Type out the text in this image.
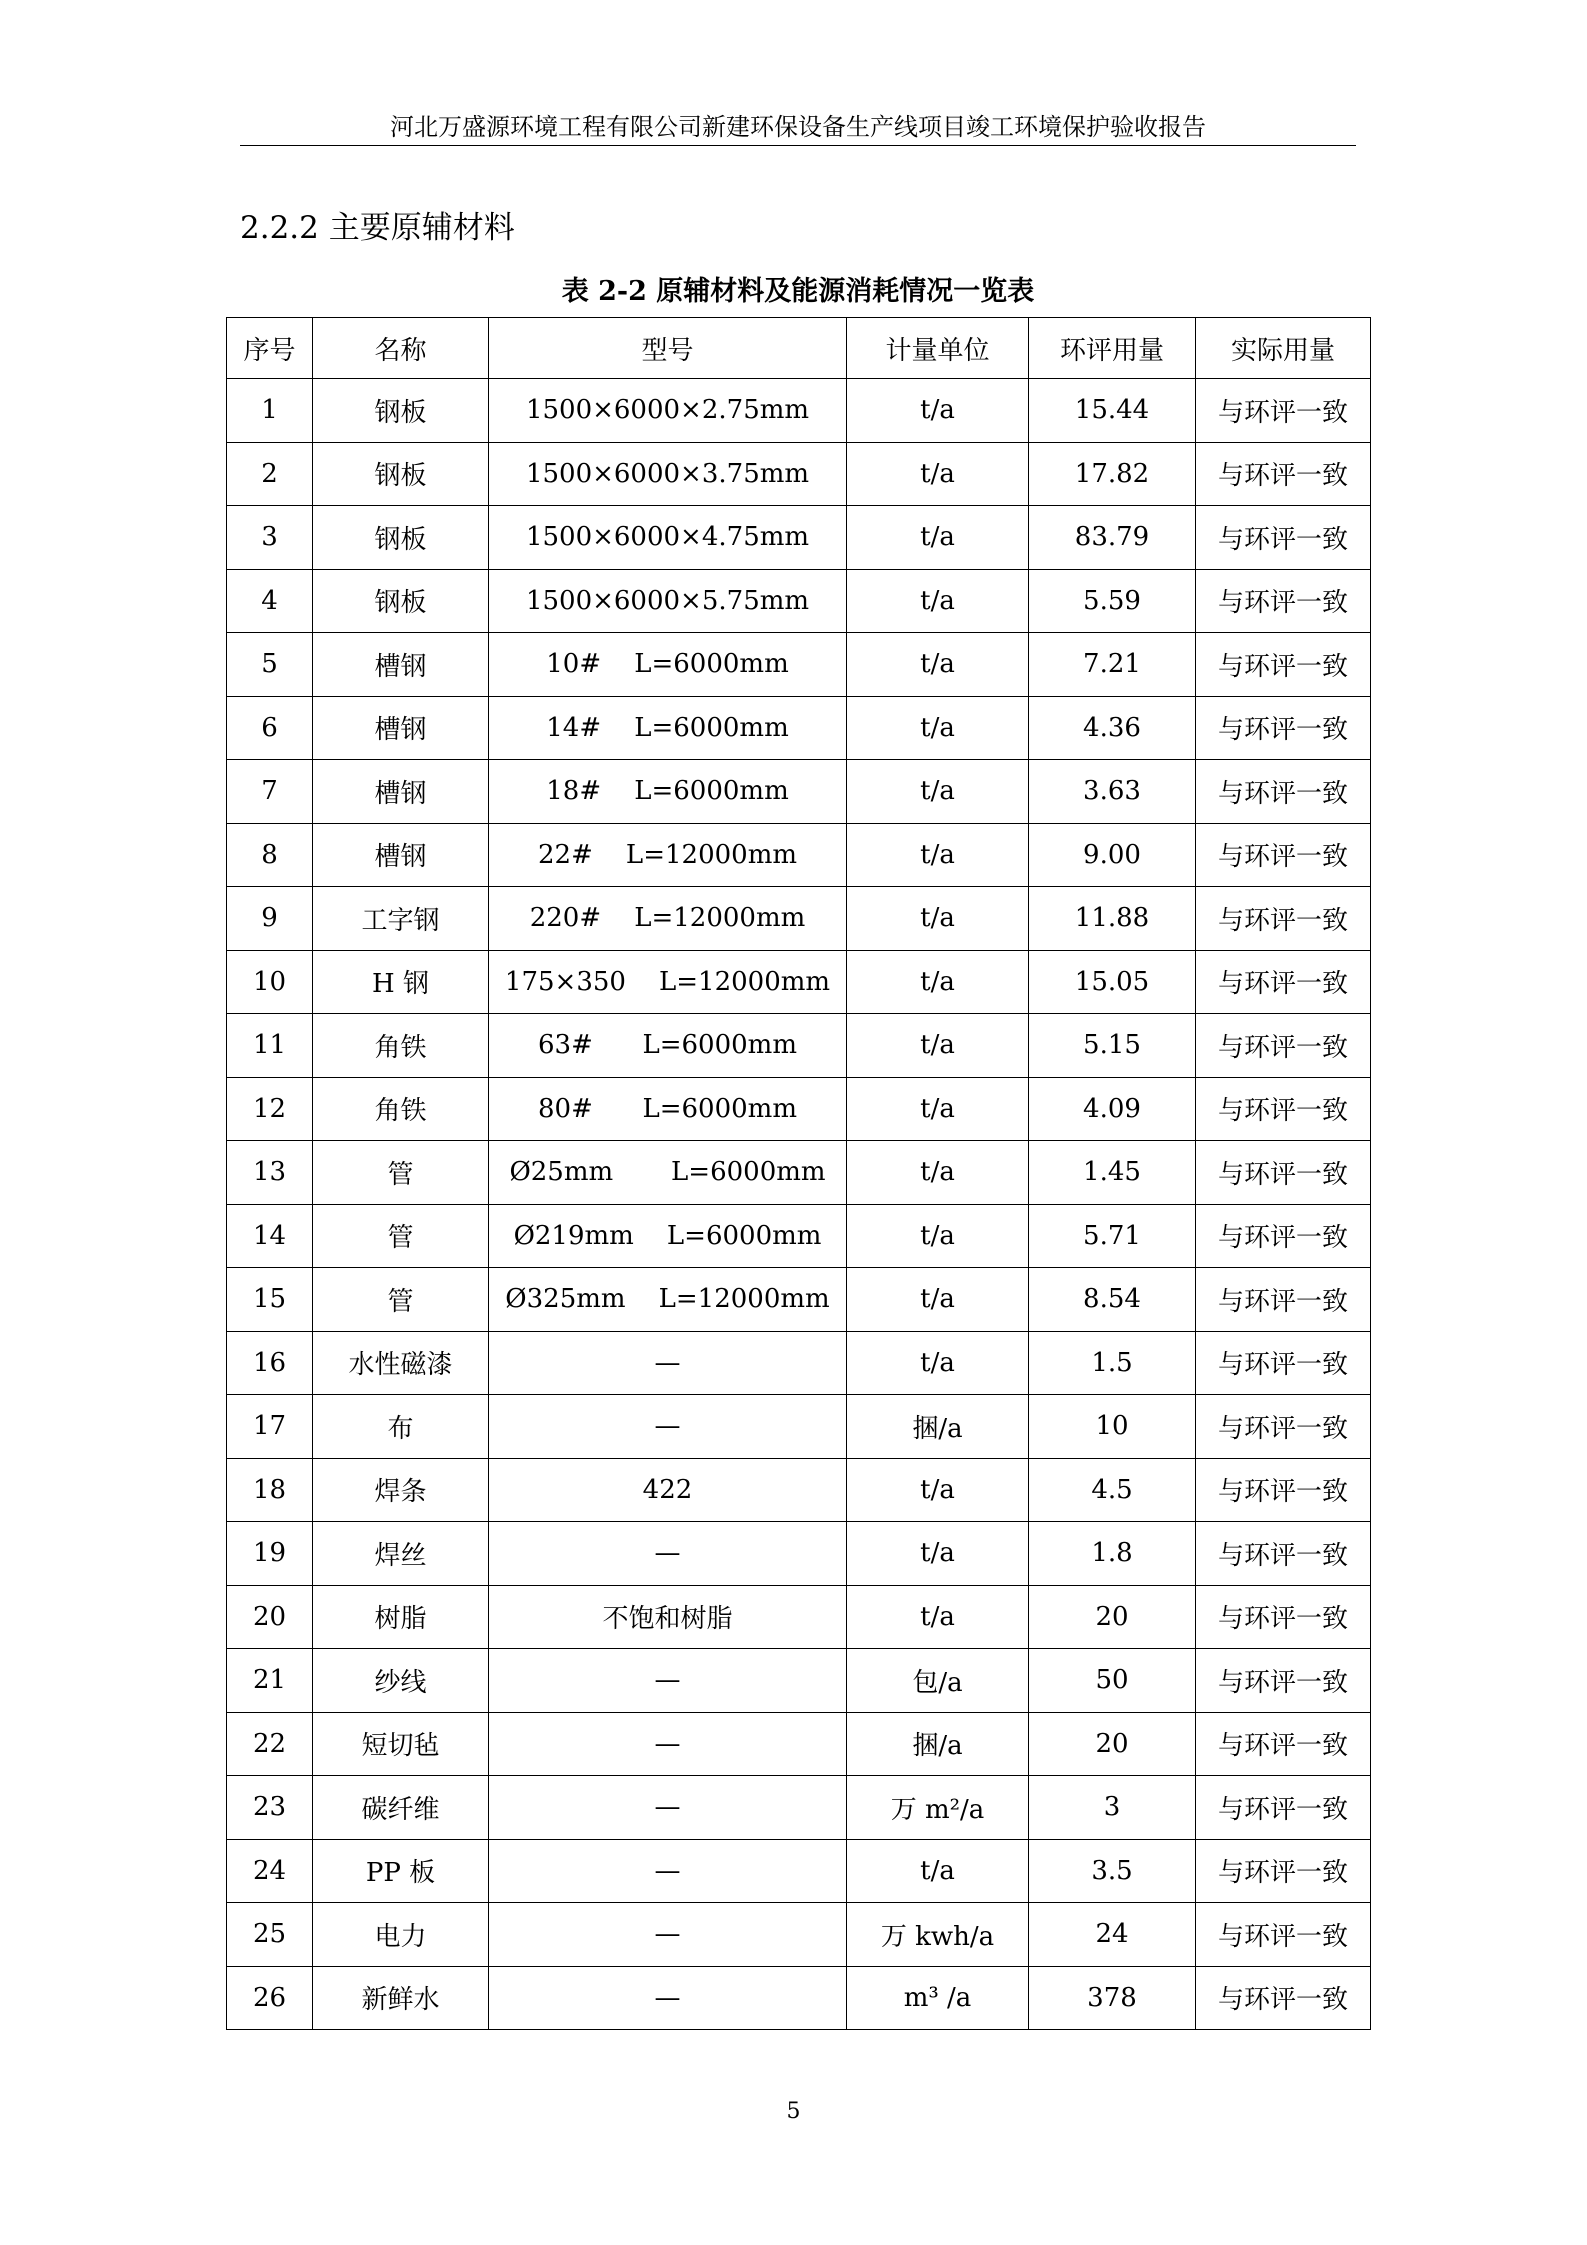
河北万盛源环境工程有限公司新建环保设备生产线项目竣工环境保护验收报告
2.2.2 主要原辅材料
表 2-2 原辅材料及能源消耗情况一览表
序号	名称	型号	计量单位	环评用量	实际用量
1	钢板	1500×6000×2.75mm	t/a	15.44	与环评一致
2	钢板	1500×6000×3.75mm	t/a	17.82	与环评一致
3	钢板	1500×6000×4.75mm	t/a	83.79	与环评一致
4	钢板	1500×6000×5.75mm	t/a	5.59	与环评一致
5	槽钢	10#    L=6000mm	t/a	7.21	与环评一致
6	槽钢	14#    L=6000mm	t/a	4.36	与环评一致
7	槽钢	18#    L=6000mm	t/a	3.63	与环评一致
8	槽钢	22#    L=12000mm	t/a	9.00	与环评一致
9	工字钢	220#    L=12000mm	t/a	11.88	与环评一致
10	H 钢	175×350    L=12000mm	t/a	15.05	与环评一致
11	角铁	63#      L=6000mm	t/a	5.15	与环评一致
12	角铁	80#      L=6000mm	t/a	4.09	与环评一致
13	管	Ø25mm       L=6000mm	t/a	1.45	与环评一致
14	管	Ø219mm    L=6000mm	t/a	5.71	与环评一致
15	管	Ø325mm    L=12000mm	t/a	8.54	与环评一致
16	水性磁漆	—	t/a	1.5	与环评一致
17	布	—	捆/a	10	与环评一致
18	焊条	422	t/a	4.5	与环评一致
19	焊丝	—	t/a	1.8	与环评一致
20	树脂	不饱和树脂	t/a	20	与环评一致
21	纱线	—	包/a	50	与环评一致
22	短切毡	—	捆/a	20	与环评一致
23	碳纤维	—	万 m²/a	3	与环评一致
24	PP 板	—	t/a	3.5	与环评一致
25	电力	—	万 kwh/a	24	与环评一致
26	新鲜水	—	m³ /a	378	与环评一致
5
